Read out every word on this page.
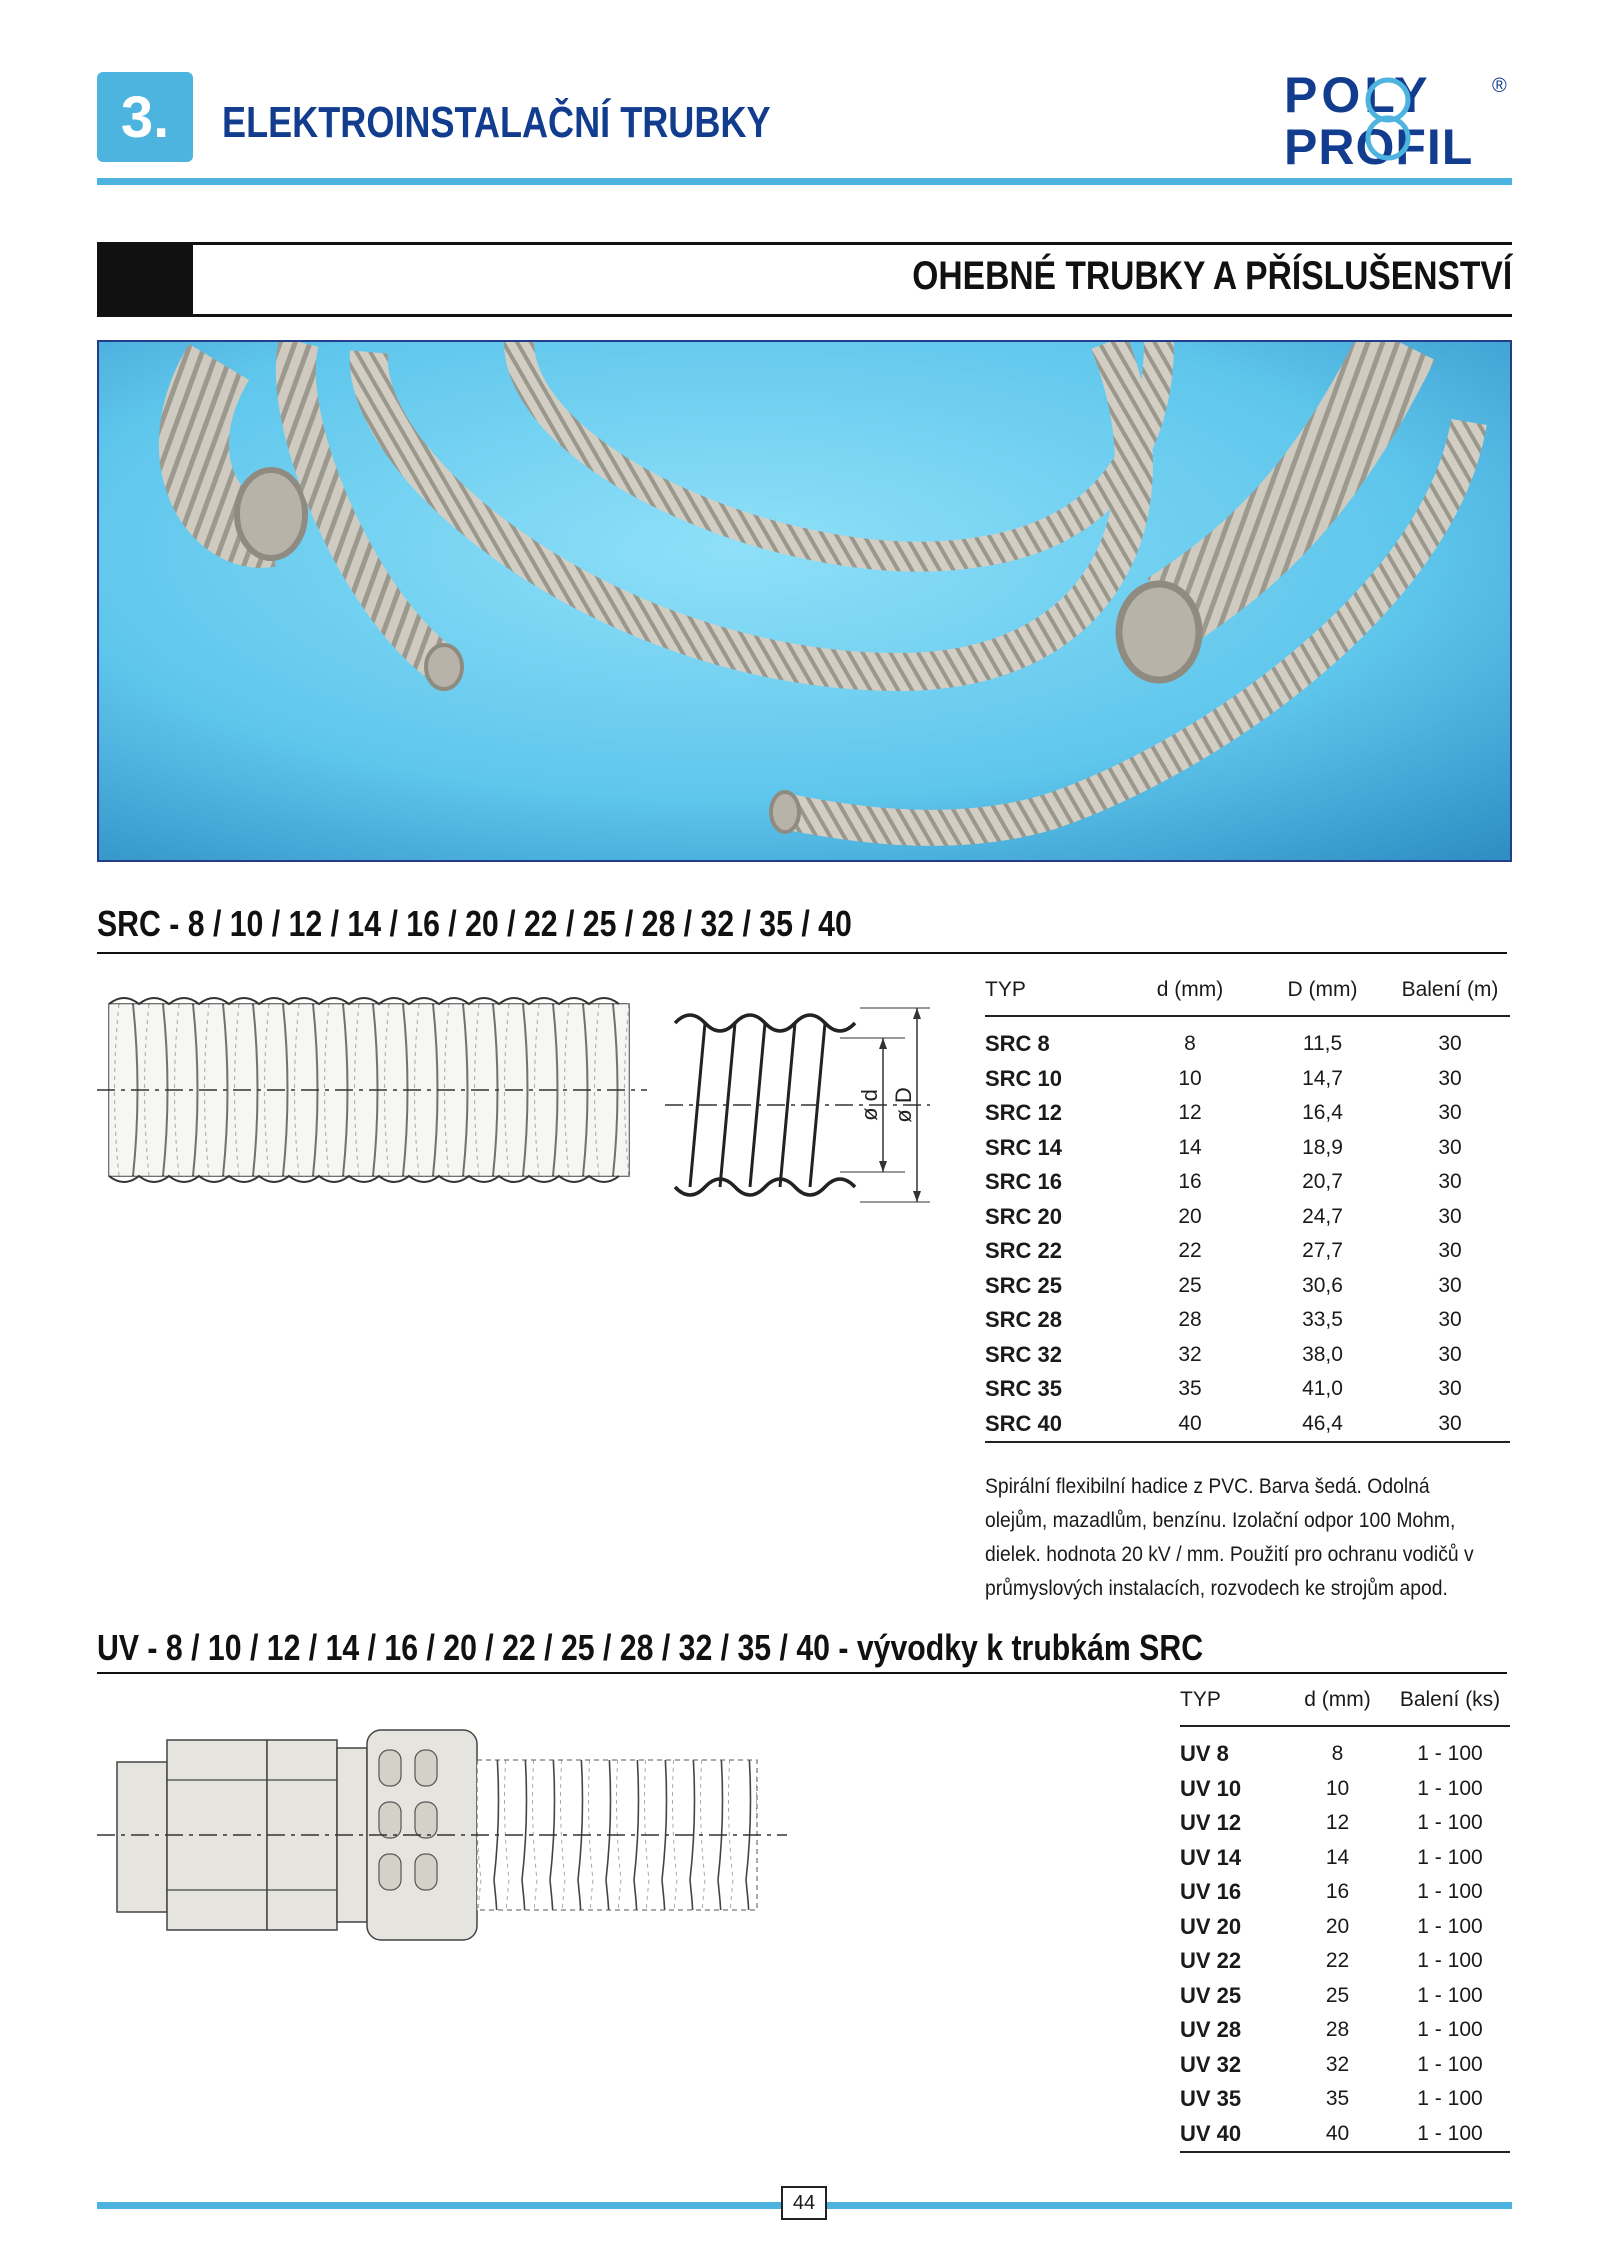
3. ELEKTROINSTALAČNÍ TRUBKY	POLY
PROFIL
®
OHEBNÉ TRUBKY A PŘÍSLUŠENSTVÍ
SRC - 8 / 10 / 12 / 14 / 16 / 20 / 22 / 25 / 28 / 32 / 35 / 40
ø d ø D
TYP	d (mm)	D (mm)	Balení (m)

SRC 8	8	11,5	30
SRC 10	10	14,7	30
SRC 12	12	16,4	30
SRC 14	14	18,9	30
SRC 16	16	20,7	30
SRC 20	20	24,7	30
SRC 22	22	27,7	30
SRC 25	25	30,6	30
SRC 28	28	33,5	30
SRC 32	32	38,0	30
SRC 35	35	41,0	30
SRC 40	40	46,4	30
Spirální flexibilní hadice z PVC. Barva šedá. Odolná olejům, mazadlům, benzínu. Izolační odpor 100 Mohm, dielek. hodnota 20 kV / mm. Použití pro ochranu vodičů v průmyslových instalacích, rozvodech ke strojům apod.
UV - 8 / 10 / 12 / 14 / 16 / 20 / 22 / 25 / 28 / 32 / 35 / 40 - vývodky k trubkám SRC
TYP	d (mm)	Balení (ks)

UV 8	8	1 - 100
UV 10	10	1 - 100
UV 12	12	1 - 100
UV 14	14	1 - 100
UV 16	16	1 - 100
UV 20	20	1 - 100
UV 22	22	1 - 100
UV 25	25	1 - 100
UV 28	28	1 - 100
UV 32	32	1 - 100
UV 35	35	1 - 100
UV 40	40	1 - 100
44
